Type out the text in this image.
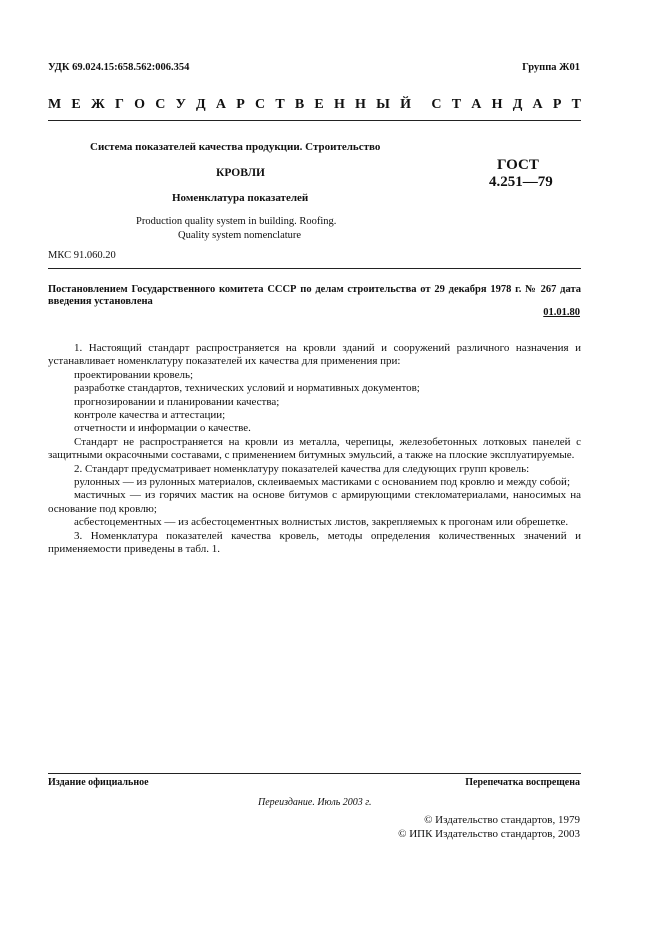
УДК 69.024.15:658.562:006.354	Группа Ж01
М Е Ж Г О С У Д А Р С Т В Е Н Н Ы Й С Т А Н Д А Р Т
Система показателей качества продукции. Строительство
КРОВЛИ
Номенклатура показателей
ГОСТ
4.251—79
Production quality system in building. Roofing.
Quality system nomenclature
МКС 91.060.20
Постановлением Государственного комитета СССР по делам строительства от 29 декабря 1978 г. № 267 дата введения установлена
01.01.80

1. Настоящий стандарт распространяется на кровли зданий и сооружений различного назначения и устанавливает номенклатуру показателей их качества для применения при:

проектировании кровель;

разработке стандартов, технических условий и нормативных документов;

прогнозировании и планировании качества;

контроле качества и аттестации;

отчетности и информации о качестве.

Стандарт не распространяется на кровли из металла, черепицы, железобетонных лотковых панелей с защитными окрасочными составами, с применением битумных эмульсий, а также на плоские эксплуатируемые.

2. Стандарт предусматривает номенклатуру показателей качества для следующих групп кровель:

рулонных — из рулонных материалов, склеиваемых мастиками с основанием под кровлю и между собой;

мастичных — из горячих мастик на основе битумов с армирующими стекломатериалами, наносимых на основание под кровлю;

асбестоцементных — из асбестоцементных волнистых листов, закрепляемых к прогонам или обрешетке.

3. Номенклатура показателей качества кровель, методы определения количественных значений и применяемости приведены в табл. 1.

Издание официальное	Перепечатка воспрещена
Переиздание. Июль 2003 г.
© Издательство стандартов, 1979
© ИПК Издательство стандартов, 2003
